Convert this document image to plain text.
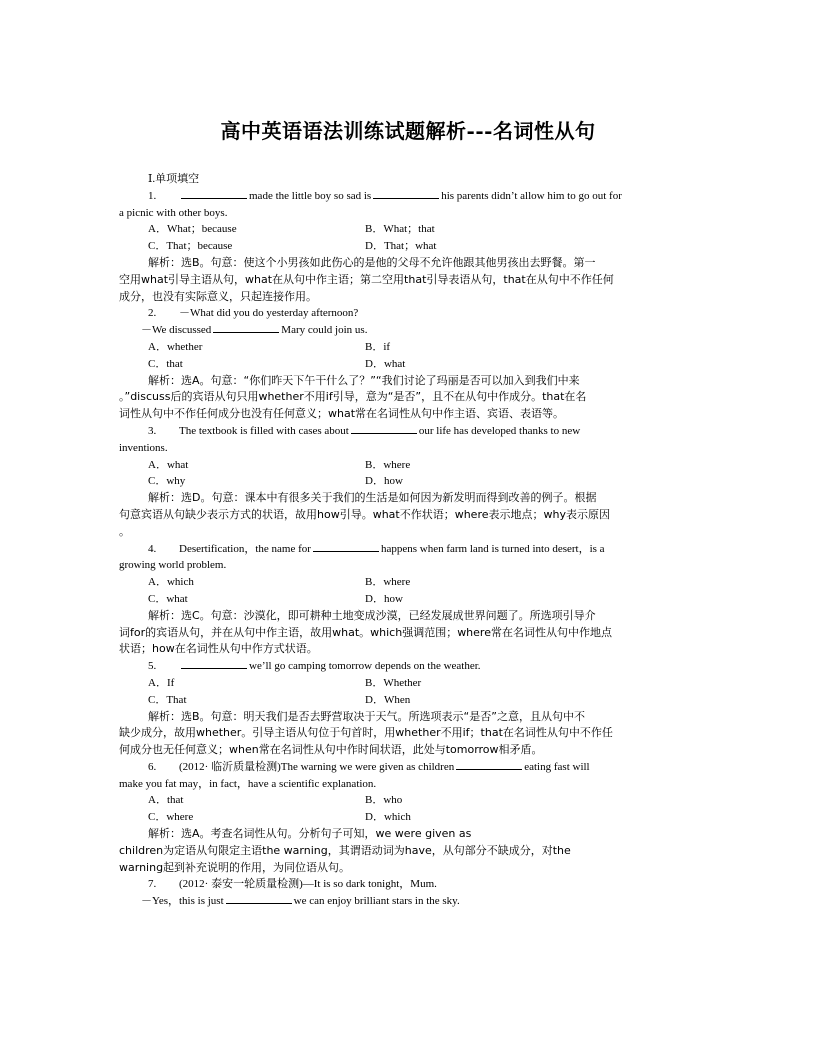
高中英语语法训练试题解析---名词性从句
Ⅰ.单项填空
1.	made the little boy so sad is	his parents didn’t allow him to go out for
a picnic with other boys.
A．What；because	B．What；that
C．That；because	D．That；what
解析：选B。句意：使这个小男孩如此伤心的是他的父母不允许他跟其他男孩出去野餐。第一
空用what引导主语从句，what在从句中作主语；第二空用that引导表语从句，that在从句中不作任何
成分，也没有实际意义，只起连接作用。
2. －What did you do yesterday afternoon?
－We discussed	Mary could join us.
A．whether	B．if
C．that	D．what
解析：选A。句意：“你们昨天下午干什么了？”“我们讨论了玛丽是否可以加入到我们中来
。”discuss后的宾语从句只用whether不用if引导，意为“是否”，且不在从句中作成分。that在名
词性从句中不作任何成分也没有任何意义；what常在名词性从句中作主语、宾语、表语等。
3. The textbook is filled with cases about	our life has developed thanks to new
inventions.
A．what	B．where
C．why	D．how
解析：选D。句意：课本中有很多关于我们的生活是如何因为新发明而得到改善的例子。根据
句意宾语从句缺少表示方式的状语，故用how引导。what不作状语；where表示地点；why表示原因
。
4. Desertification，the name for	happens when farm land is turned into desert，is a
growing world problem.
A．which	B．where
C．what	D．how
解析：选C。句意：沙漠化，即可耕种土地变成沙漠，已经发展成世界问题了。所选项引导介
词for的宾语从句，并在从句中作主语，故用what。which强调范围；where常在名词性从句中作地点
状语；how在名词性从句中作方式状语。
5.	we’ll go camping tomorrow depends on the weather.
A．If	B．Whether
C．That	D．When
解析：选B。句意：明天我们是否去野营取决于天气。所选项表示“是否”之意，且从句中不
缺少成分，故用whether。引导主语从句位于句首时，用whether不用if；that在名词性从句中不作任
何成分也无任何意义；when常在名词性从句中作时间状语，此处与tomorrow相矛盾。
6. (2012· 临沂质量检测)The warning we were given as children	eating fast will
make you fat may，in fact，have a scientific explanation.
A．that	B．who
C．where	D．which
解析：选A。考查名词性从句。分析句子可知，we were given as
children为定语从句限定主语the warning，其谓语动词为have，从句部分不缺成分，对the
warning起到补充说明的作用，为同位语从句。
7. (2012· 泰安一轮质量检测)—It is so dark tonight，Mum.
－Yes，this is just	we can enjoy brilliant stars in the sky.
